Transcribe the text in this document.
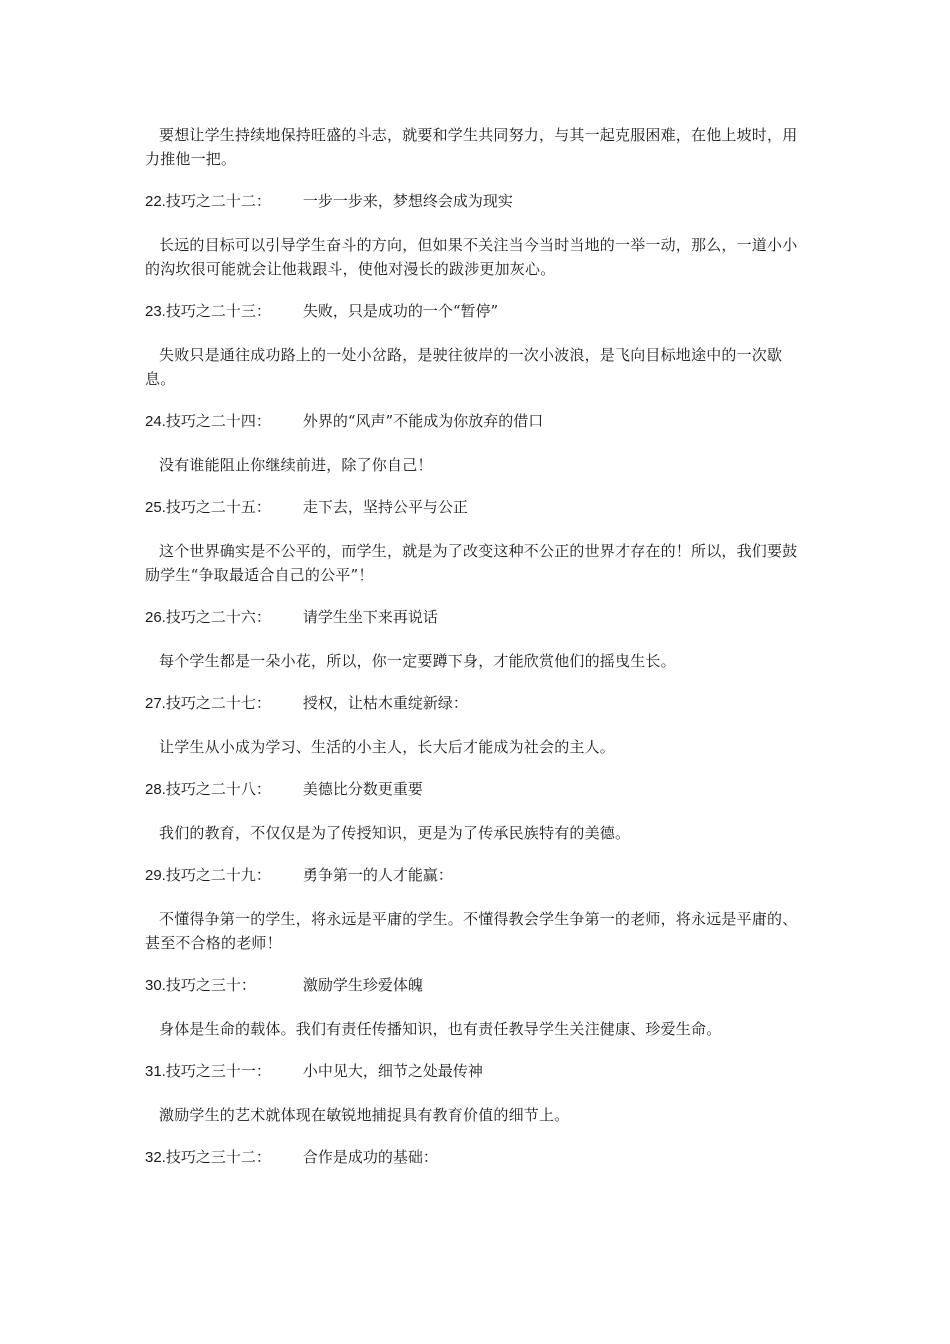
要想让学生持续地保持旺盛的斗志，就要和学生共同努力，与其一起克服困难，在他上坡时，用力推他一把。

22.技巧之二十二： 一步一步来，梦想终会成为现实

长远的目标可以引导学生奋斗的方向，但如果不关注当今当时当地的一举一动，那么，一道小小的沟坎很可能就会让他栽跟斗，使他对漫长的跋涉更加灰心。

23.技巧之二十三： 失败，只是成功的一个“暂停”

失败只是通往成功路上的一处小岔路，是驶往彼岸的一次小波浪，是飞向目标地途中的一次歇息。

24.技巧之二十四： 外界的“风声”不能成为你放弃的借口

没有谁能阻止你继续前进，除了你自己！

25.技巧之二十五： 走下去，坚持公平与公正

这个世界确实是不公平的，而学生，就是为了改变这种不公正的世界才存在的！所以，我们要鼓励学生“争取最适合自己的公平”！

26.技巧之二十六： 请学生坐下来再说话

每个学生都是一朵小花，所以，你一定要蹲下身，才能欣赏他们的摇曳生长。

27.技巧之二十七： 授权，让枯木重绽新绿：

让学生从小成为学习、生活的小主人，长大后才能成为社会的主人。

28.技巧之二十八： 美德比分数更重要

我们的教育，不仅仅是为了传授知识，更是为了传承民族特有的美德。

29.技巧之二十九： 勇争第一的人才能赢：

不懂得争第一的学生，将永远是平庸的学生。不懂得教会学生争第一的老师，将永远是平庸的、甚至不合格的老师！

30.技巧之三十：	激励学生珍爱体魄

身体是生命的载体。我们有责任传播知识，也有责任教导学生关注健康、珍爱生命。

31.技巧之三十一： 小中见大，细节之处最传神

激励学生的艺术就体现在敏锐地捕捉具有教育价值的细节上。

32.技巧之三十二： 合作是成功的基础：
